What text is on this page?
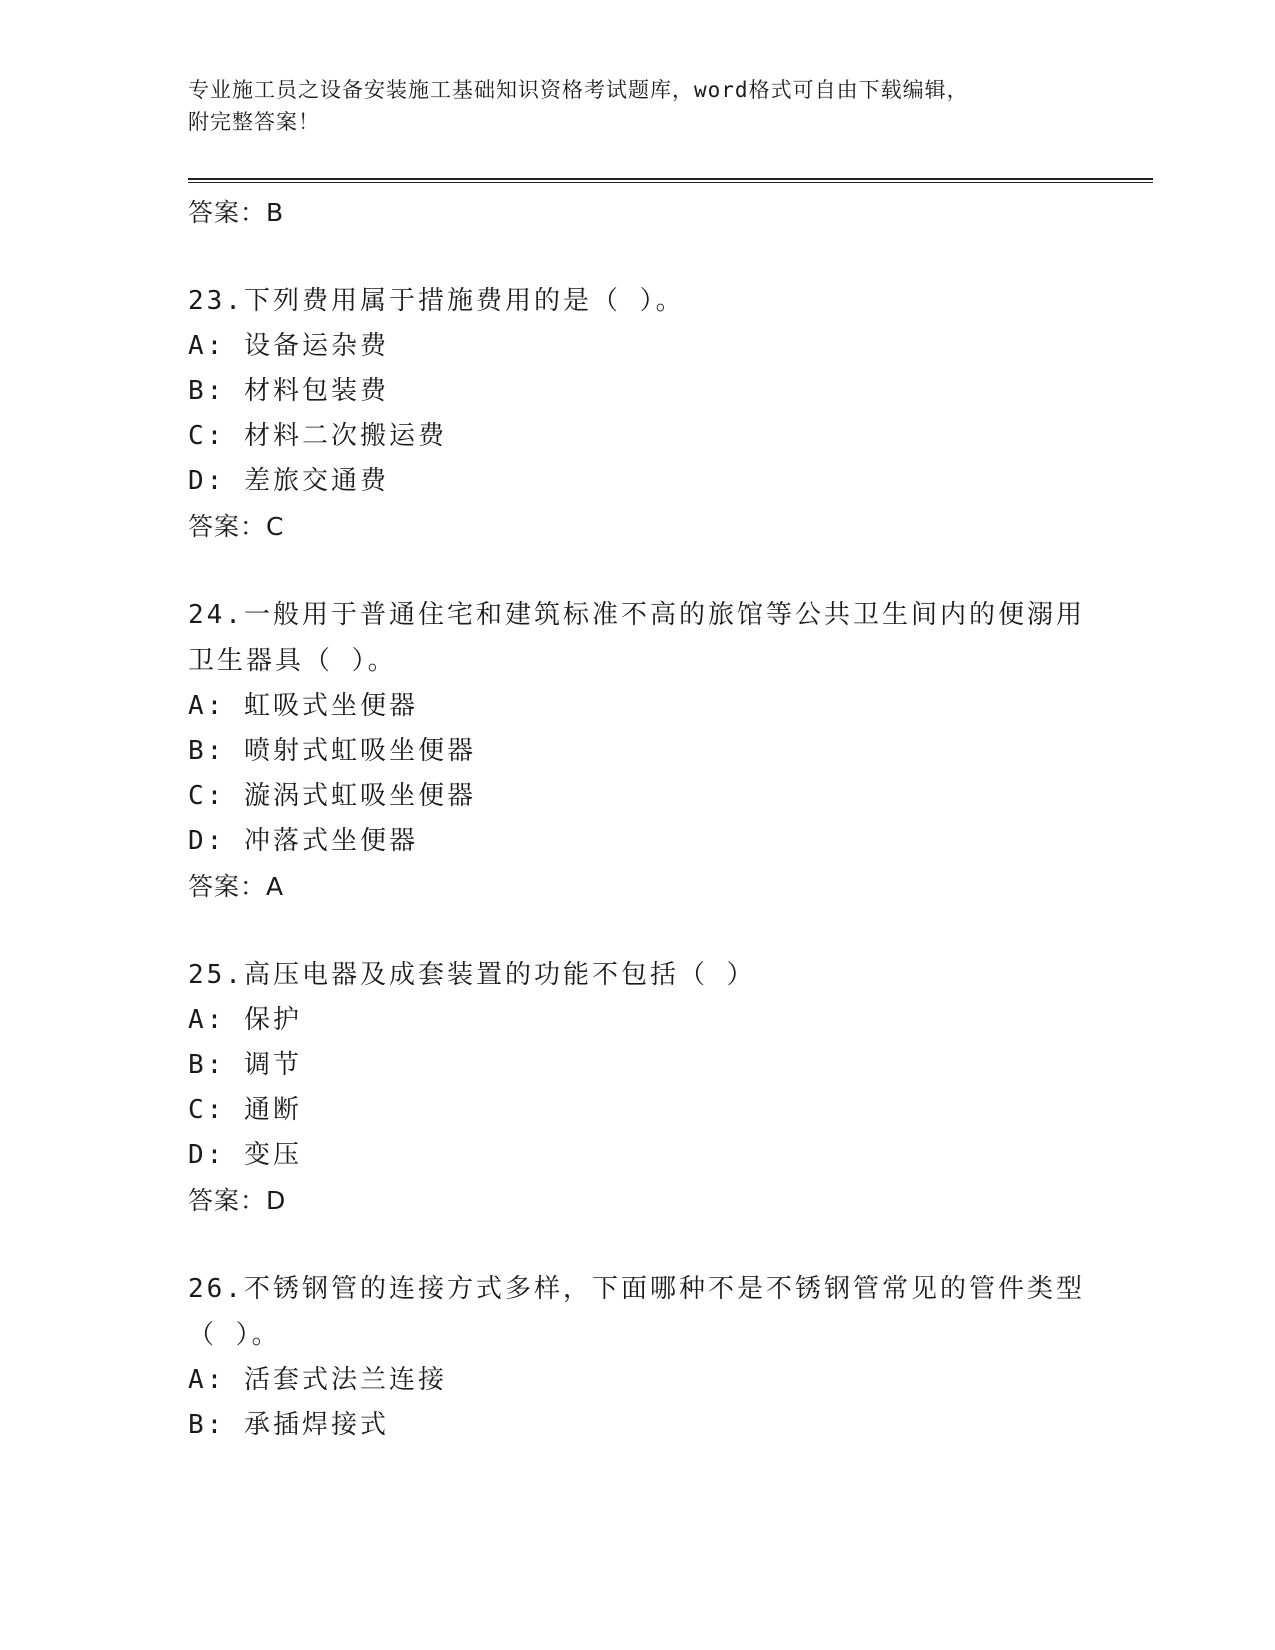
专业施工员之设备安装施工基础知识资格考试题库，word格式可自由下载编辑，
附完整答案！
答案：B
23.下列费用属于措施费用的是（ ）。
A: 设备运杂费
B: 材料包装费
C: 材料二次搬运费
D: 差旅交通费
答案：C
24.一般用于普通住宅和建筑标准不高的旅馆等公共卫生间内的便溺用
卫生器具（ ）。
A: 虹吸式坐便器
B: 喷射式虹吸坐便器
C: 漩涡式虹吸坐便器
D: 冲落式坐便器
答案：A
25.高压电器及成套装置的功能不包括（ ）
A: 保护
B: 调节
C: 通断
D: 变压
答案：D
26.不锈钢管的连接方式多样，下面哪种不是不锈钢管常见的管件类型
（ ）。
A: 活套式法兰连接
B: 承插焊接式
